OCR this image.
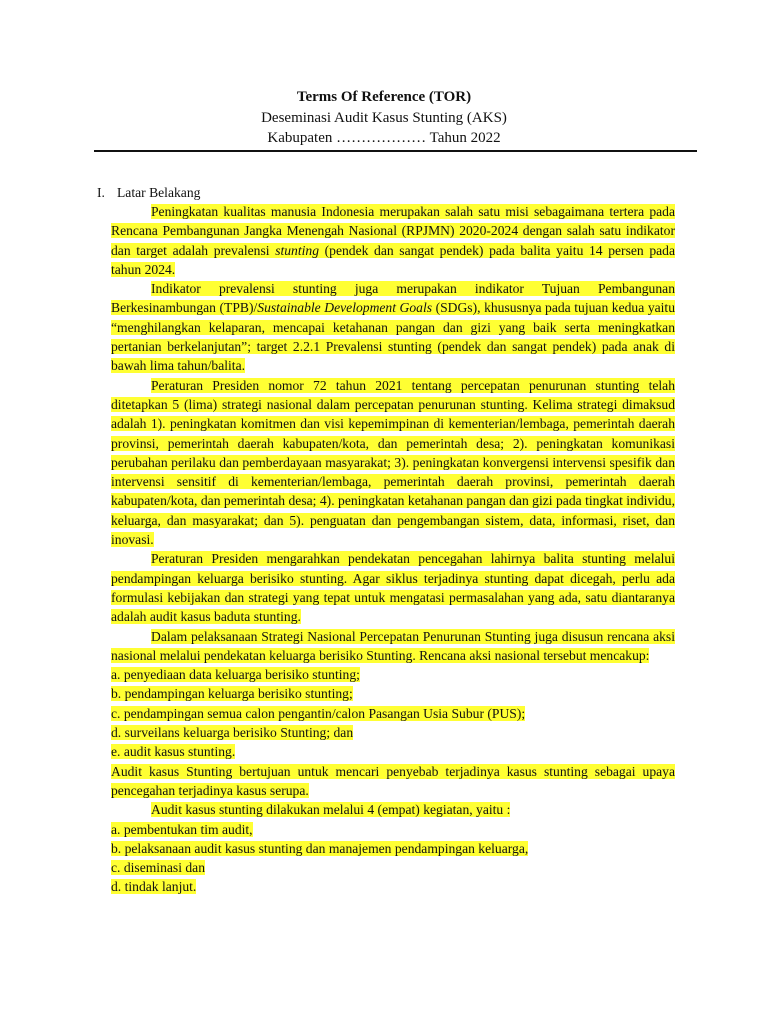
Terms Of Reference (TOR)
Deseminasi Audit Kasus Stunting (AKS)
Kabupaten ……………… Tahun 2022
I. Latar Belakang

Peningkatan kualitas manusia Indonesia merupakan salah satu misi sebagaimana tertera pada Rencana Pembangunan Jangka Menengah Nasional (RPJMN) 2020-2024 dengan salah satu indikator dan target adalah prevalensi stunting (pendek dan sangat pendek) pada balita yaitu 14 persen pada tahun 2024.

Indikator prevalensi stunting juga merupakan indikator Tujuan Pembangunan Berkesinambungan (TPB)/Sustainable Development Goals (SDGs), khususnya pada tujuan kedua yaitu “menghilangkan kelaparan, mencapai ketahanan pangan dan gizi yang baik serta meningkatkan pertanian berkelanjutan”; target 2.2.1 Prevalensi stunting (pendek dan sangat pendek) pada anak di bawah lima tahun/balita.

Peraturan Presiden nomor 72 tahun 2021 tentang percepatan penurunan stunting telah ditetapkan 5 (lima) strategi nasional dalam percepatan penurunan stunting. Kelima strategi dimaksud adalah 1). peningkatan komitmen dan visi kepemimpinan di kementerian/lembaga, pemerintah daerah provinsi, pemerintah daerah kabupaten/kota, dan pemerintah desa; 2). peningkatan komunikasi perubahan perilaku dan pemberdayaan masyarakat; 3). peningkatan konvergensi intervensi spesifik dan intervensi sensitif di kementerian/lembaga, pemerintah daerah provinsi, pemerintah daerah kabupaten/kota, dan pemerintah desa; 4). peningkatan ketahanan pangan dan gizi pada tingkat individu, keluarga, dan masyarakat; dan 5). penguatan dan pengembangan sistem, data, informasi, riset, dan inovasi.

Peraturan Presiden mengarahkan pendekatan pencegahan lahirnya balita stunting melalui pendampingan keluarga berisiko stunting. Agar siklus terjadinya stunting dapat dicegah, perlu ada formulasi kebijakan dan strategi yang tepat untuk mengatasi permasalahan yang ada, satu diantaranya adalah audit kasus baduta stunting.

Dalam pelaksanaan Strategi Nasional Percepatan Penurunan Stunting juga disusun rencana aksi nasional melalui pendekatan keluarga berisiko Stunting. Rencana aksi nasional tersebut mencakup:

a. penyediaan data keluarga berisiko stunting;
b. pendampingan keluarga berisiko stunting;
c. pendampingan semua calon pengantin/calon Pasangan Usia Subur (PUS);
d. surveilans keluarga berisiko Stunting; dan
e. audit kasus stunting.

Audit kasus Stunting bertujuan untuk mencari penyebab terjadinya kasus stunting sebagai upaya pencegahan terjadinya kasus serupa.

Audit kasus stunting dilakukan melalui 4 (empat) kegiatan, yaitu :

a. pembentukan tim audit,
b. pelaksanaan audit kasus stunting dan manajemen pendampingan keluarga,
c. diseminasi dan
d. tindak lanjut.
